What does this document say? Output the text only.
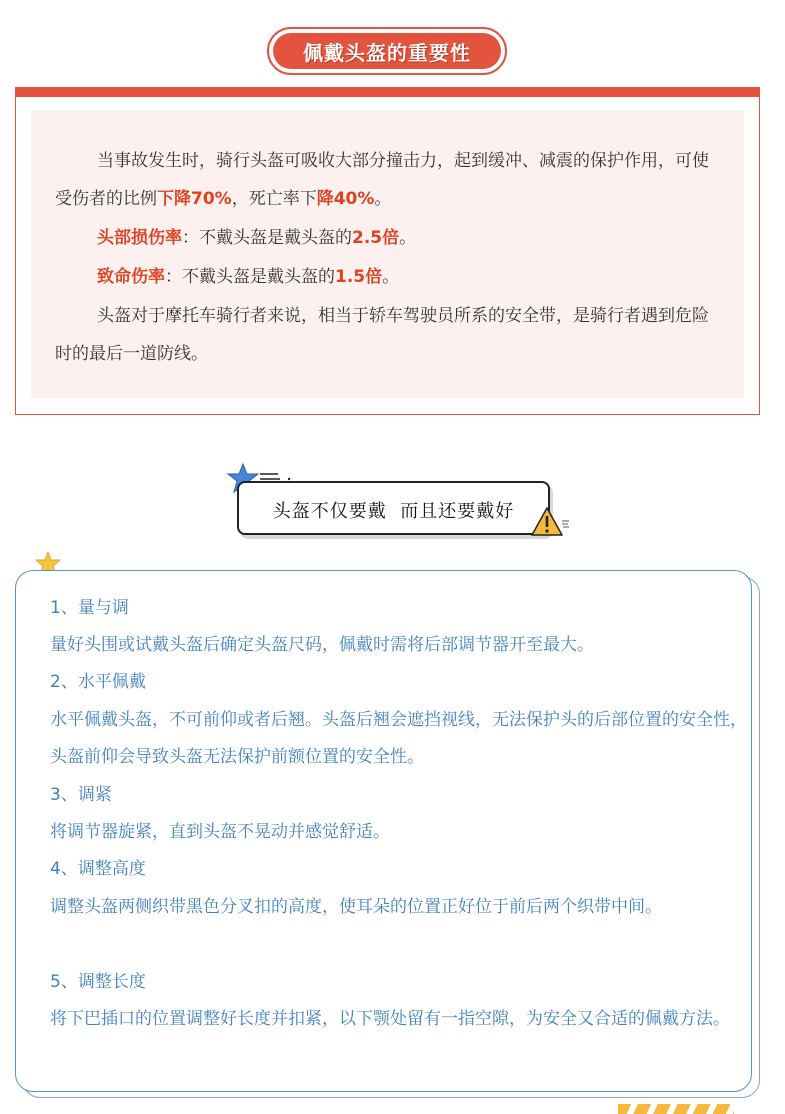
佩戴头盔的重要性

当事故发生时，骑行头盔可吸收大部分撞击力，起到缓冲、减震的保护作用，可使受伤者的比例下降70%，死亡率下降40%。

头部损伤率：不戴头盔是戴头盔的2.5倍。

致命伤率：不戴头盔是戴头盔的1.5倍。

头盔对于摩托车骑行者来说，相当于轿车驾驶员所系的安全带，是骑行者遇到危险时的最后一道防线。

头盔不仅要戴  而且还要戴好

1、量与调

量好头围或试戴头盔后确定头盔尺码，佩戴时需将后部调节器开至最大。

2、水平佩戴

水平佩戴头盔，不可前仰或者后翘。头盔后翘会遮挡视线，无法保护头的后部位置的安全性，头盔前仰会导致头盔无法保护前额位置的安全性。

3、调紧

将调节器旋紧，直到头盔不晃动并感觉舒适。

4、调整高度

调整头盔两侧织带黑色分叉扣的高度，使耳朵的位置正好位于前后两个织带中间。

5、调整长度

将下巴插口的位置调整好长度并扣紧，以下颚处留有一指空隙，为安全又合适的佩戴方法。
